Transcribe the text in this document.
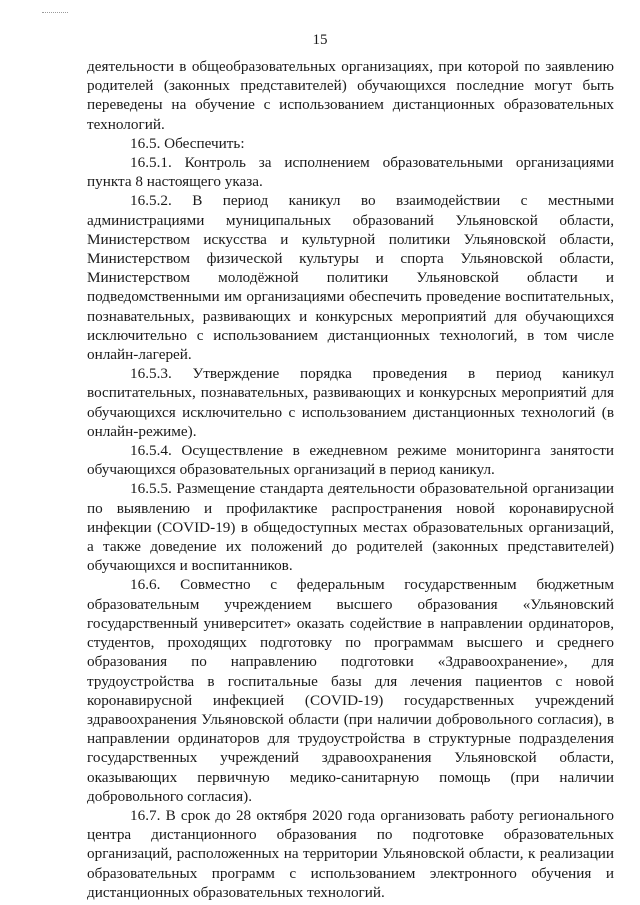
15

деятельности в общеобразовательных организациях, при которой по заявлению родителей (законных представителей) обучающихся последние могут быть переведены на обучение с использованием дистанционных образовательных технологий.

16.5. Обеспечить:

16.5.1. Контроль за исполнением образовательными организациями пункта 8 настоящего указа.

16.5.2. В период каникул во взаимодействии с местными администрациями муниципальных образований Ульяновской области, Министерством искусства и культурной политики Ульяновской области, Министерством физической культуры и спорта Ульяновской области, Министерством молодёжной политики Ульяновской области и подведомственными им организациями обеспечить проведение воспитательных, познавательных, развивающих и конкурсных мероприятий для обучающихся исключительно с использованием дистанционных технологий, в том числе онлайн-лагерей.

16.5.3. Утверждение порядка проведения в период каникул воспитательных, познавательных, развивающих и конкурсных мероприятий для обучающихся исключительно с использованием дистанционных технологий (в онлайн-режиме).

16.5.4. Осуществление в ежедневном режиме мониторинга занятости обучающихся образовательных организаций в период каникул.

16.5.5. Размещение стандарта деятельности образовательной организации по выявлению и профилактике распространения новой коронавирусной инфекции (COVID-19) в общедоступных местах образовательных организаций, а также доведение их положений до родителей (законных представителей) обучающихся и воспитанников.

16.6. Совместно с федеральным государственным бюджетным образовательным учреждением высшего образования «Ульяновский государственный университет» оказать содействие в направлении ординаторов, студентов, проходящих подготовку по программам высшего и среднего образования по направлению подготовки «Здравоохранение», для трудоустройства в госпитальные базы для лечения пациентов с новой коронавирусной инфекцией (COVID-19) государственных учреждений здравоохранения Ульяновской области (при наличии добровольного согласия), в направлении ординаторов для трудоустройства в структурные подразделения государственных учреждений здравоохранения Ульяновской области, оказывающих первичную медико-санитарную помощь (при наличии добровольного согласия).

16.7. В срок до 28 октября 2020 года организовать работу регионального центра дистанционного образования по подготовке образовательных организаций, расположенных на территории Ульяновской области, к реализации образовательных программ с использованием электронного обучения и дистанционных образовательных технологий.
